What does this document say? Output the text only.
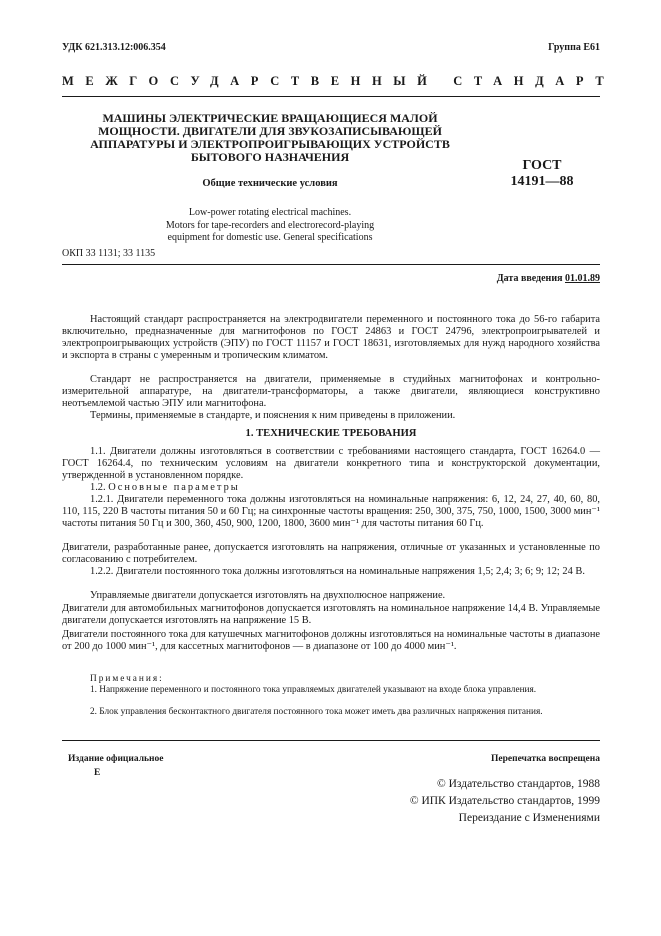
УДК 621.313.12:006.354	Группа Е61
МЕЖГОСУДАРСТВЕННЫЙ СТАНДАРТ
МАШИНЫ ЭЛЕКТРИЧЕСКИЕ ВРАЩАЮЩИЕСЯ МАЛОЙ
МОЩНОСТИ. ДВИГАТЕЛИ ДЛЯ ЗВУКОЗАПИСЫВАЮЩЕЙ
АППАРАТУРЫ И ЭЛЕКТРОПРОИГРЫВАЮЩИХ УСТРОЙСТВ
БЫТОВОГО НАЗНАЧЕНИЯ
Общие технические условия
Low-power rotating electrical machines.
Motors for tape-recorders and electrorecord-playing
equipment for domestic use. General specifications
ГОСТ
14191—88
ОКП 33 1131; 33 1135
Дата введения 01.01.89
Настоящий стандарт распространяется на электродвигатели переменного и постоянного тока до 56-го габарита включительно, предназначенные для магнитофонов по ГОСТ 24863 и ГОСТ 24796, электропроигрывателей и электропроигрывающих устройств (ЭПУ) по ГОСТ 11157 и ГОСТ 18631, изготовляемых для нужд народного хозяйства и экспорта в страны с умеренным и тропическим климатом.
Стандарт не распространяется на двигатели, применяемые в студийных магнитофонах и контрольно-измерительной аппаратуре, на двигатели-трансформаторы, а также двигатели, являющиеся конструктивно неотъемлемой частью ЭПУ или магнитофона.
Термины, применяемые в стандарте, и пояснения к ним приведены в приложении.
1. ТЕХНИЧЕСКИЕ ТРЕБОВАНИЯ
1.1. Двигатели должны изготовляться в соответствии с требованиями настоящего стандарта, ГОСТ 16264.0 — ГОСТ 16264.4, по техническим условиям на двигатели конкретного типа и конструкторской документации, утвержденной в установленном порядке.
1.2. Основные параметры
1.2.1. Двигатели переменного тока должны изготовляться на номинальные напряжения: 6, 12, 24, 27, 40, 60, 80, 110, 115, 220 В частоты питания 50 и 60 Гц; на синхронные частоты вращения: 250, 300, 375, 750, 1000, 1500, 3000 мин⁻¹ частоты питания 50 Гц и 300, 360, 450, 900, 1200, 1800, 3600 мин⁻¹ для частоты питания 60 Гц.
Двигатели, разработанные ранее, допускается изготовлять на напряжения, отличные от указанных и установленные по согласованию с потребителем.
1.2.2. Двигатели постоянного тока должны изготовляться на номинальные напряжения 1,5; 2,4; 3; 6; 9; 12; 24 В.
Управляемые двигатели допускается изготовлять на двухполюсное напряжение.
Двигатели для автомобильных магнитофонов допускается изготовлять на номинальное напряжение 14,4 В. Управляемые двигатели допускается изготовлять на напряжение 15 В.
Двигатели постоянного тока для катушечных магнитофонов должны изготовляться на номинальные частоты в диапазоне от 200 до 1000 мин⁻¹, для кассетных магнитофонов — в диапазоне от 100 до 4000 мин⁻¹.
Примечания:
1. Напряжение переменного и постоянного тока управляемых двигателей указывают на входе блока управления.
2. Блок управления бесконтактного двигателя постоянного тока может иметь два различных напряжения питания.
Издание официальное
Е
Перепечатка воспрещена
© Издательство стандартов, 1988
© ИПК Издательство стандартов, 1999
Переиздание с Изменениями
